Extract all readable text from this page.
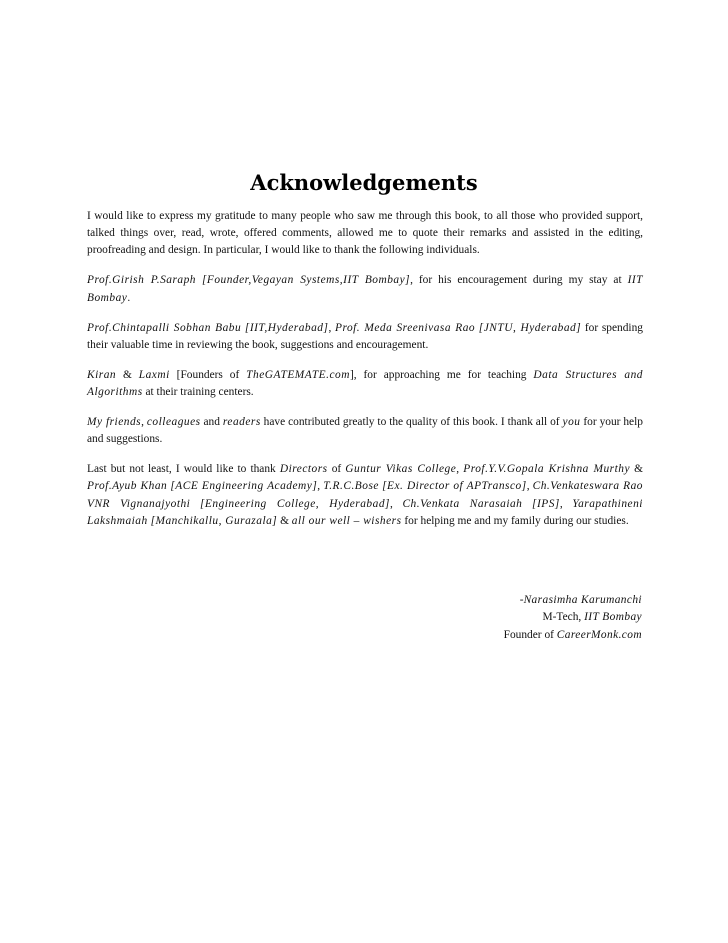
Acknowledgements

I would like to express my gratitude to many people who saw me through this book, to all those who provided support, talked things over, read, wrote, offered comments, allowed me to quote their remarks and assisted in the editing, proofreading and design. In particular, I would like to thank the following individuals.

Prof.Girish P.Saraph [Founder,Vegayan Systems,IIT Bombay], for his encouragement during my stay at IIT Bombay.

Prof.Chintapalli Sobhan Babu [IIT,Hyderabad], Prof. Meda Sreenivasa Rao [JNTU, Hyderabad] for spending their valuable time in reviewing the book, suggestions and encouragement.

Kiran & Laxmi [Founders of TheGATEMATE.com], for approaching me for teaching Data Structures and Algorithms at their training centers.

My friends, colleagues and readers have contributed greatly to the quality of this book. I thank all of you for your help and suggestions.

Last but not least, I would like to thank Directors of Guntur Vikas College, Prof.Y.V.Gopala Krishna Murthy & Prof.Ayub Khan [ACE Engineering Academy], T.R.C.Bose [Ex. Director of APTransco], Ch.Venkateswara Rao VNR Vignanajyothi [Engineering College, Hyderabad], Ch.Venkata Narasaiah [IPS], Yarapathineni Lakshmaiah [Manchikallu, Gurazala] & all our well – wishers for helping me and my family during our studies.

-Narasimha Karumanchi
M-Tech, IIT Bombay
Founder of CareerMonk.com
